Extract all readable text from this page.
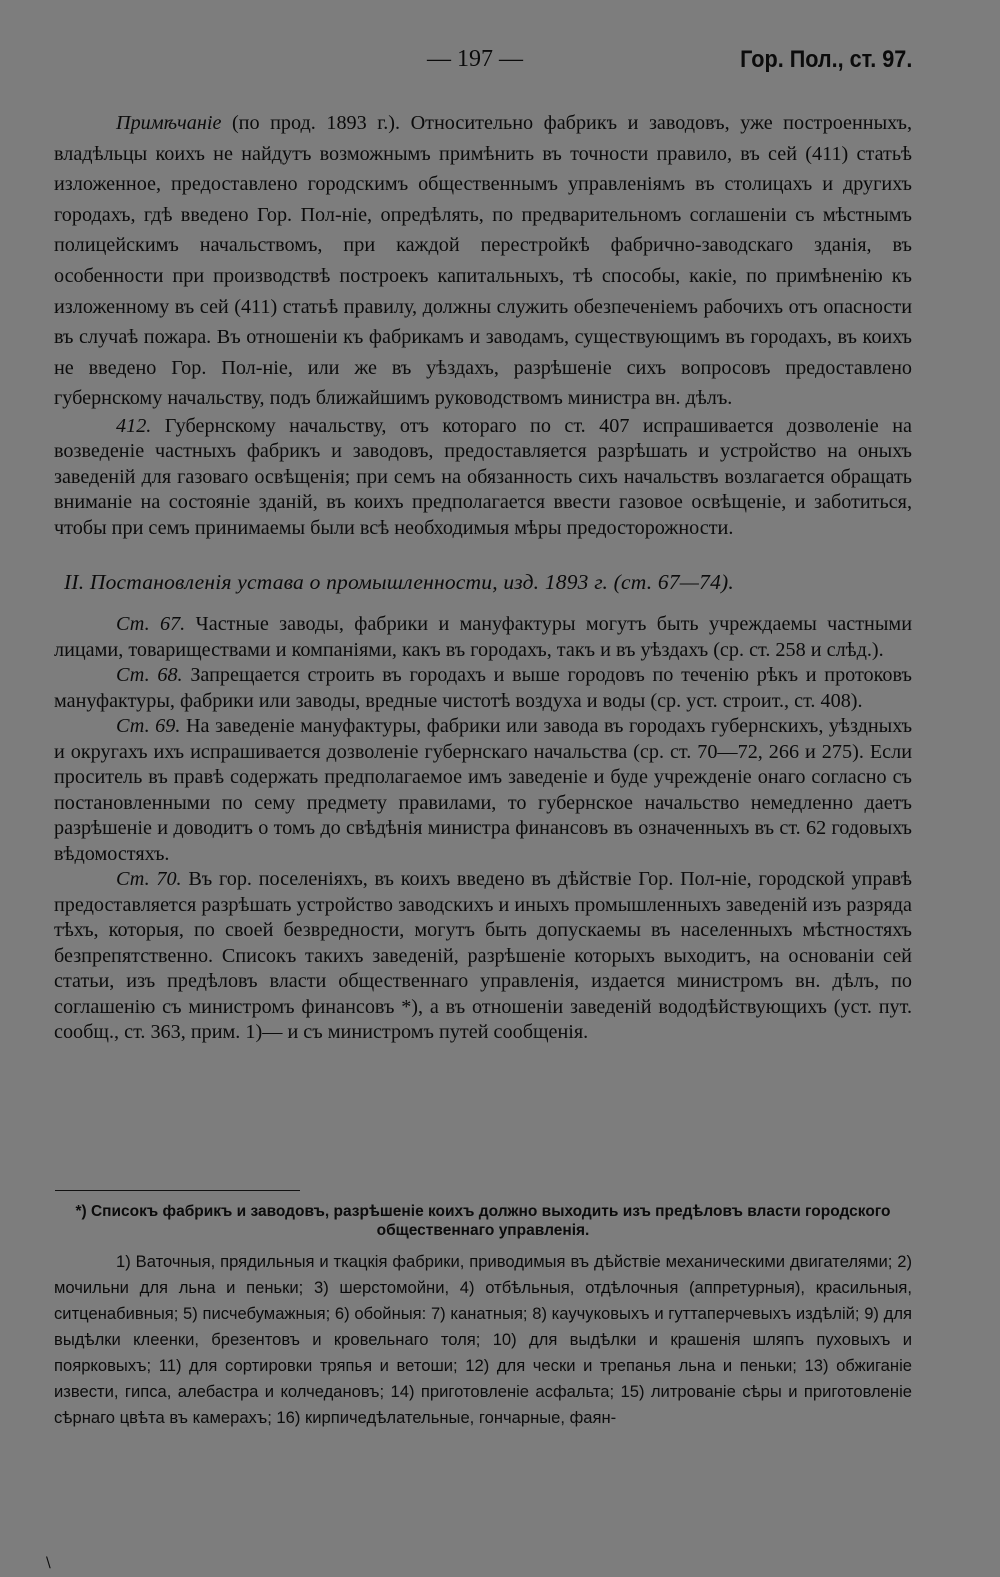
— 197 —	Гор. Пол., ст. 97.

Примѣчаніе (по прод. 1893 г.). Относительно фабрикъ и заводовъ, уже построенныхъ, владѣльцы коихъ не найдутъ возможнымъ примѣнить въ точности правило, въ сей (411) статьѣ изложенное, предоставлено городскимъ общественнымъ управленіямъ въ столицахъ и другихъ городахъ, гдѣ введено Гор. Пол-ніе, опредѣлять, по предварительномъ соглашеніи съ мѣстнымъ полицейскимъ начальствомъ, при каждой перестройкѣ фабрично-заводскаго зданія, въ особенности при производствѣ построекъ капитальныхъ, тѣ способы, какіе, по примѣненію къ изложенному въ сей (411) статьѣ правилу, должны служить обезпеченіемъ рабочихъ отъ опасности въ случаѣ пожара. Въ отношеніи къ фабрикамъ и заводамъ, существующимъ въ городахъ, въ коихъ не введено Гор. Пол-ніе, или же въ уѣздахъ, разрѣшеніе сихъ вопросовъ предоставлено губернскому начальству, подъ ближайшимъ руководствомъ министра вн. дѣлъ.

412. Губернскому начальству, отъ котораго по ст. 407 испрашивается дозволеніе на возведеніе частныхъ фабрикъ и заводовъ, предоставляется разрѣшать и устройство на оныхъ заведеній для газоваго освѣщенія; при семъ на обязанность сихъ начальствъ возлагается обращать вниманіе на состояніе зданій, въ коихъ предполагается ввести газовое освѣщеніе, и заботиться, чтобы при семъ принимаемы были всѣ необходимыя мѣры предосторожности.

II. Постановленія устава о промышленности, изд. 1893 г. (ст. 67—74).

Ст. 67. Частные заводы, фабрики и мануфактуры могутъ быть учреждаемы частными лицами, товариществами и компаніями, какъ въ городахъ, такъ и въ уѣздахъ (ср. ст. 258 и слѣд.).

Ст. 68. Запрещается строить въ городахъ и выше городовъ по теченію рѣкъ и протоковъ мануфактуры, фабрики или заводы, вредные чистотѣ воздуха и воды (ср. уст. строит., ст. 408).

Ст. 69. На заведеніе мануфактуры, фабрики или завода въ городахъ губернскихъ, уѣздныхъ и округахъ ихъ испрашивается дозволеніе губернскаго начальства (ср. ст. 70—72, 266 и 275). Если проситель въ правѣ содержать предполагаемое имъ заведеніе и буде учрежденіе онаго согласно съ постановленными по сему предмету правилами, то губернское начальство немедленно даетъ разрѣшеніе и доводитъ о томъ до свѣдѣнія министра финансовъ въ означенныхъ въ ст. 62 годовыхъ вѣдомостяхъ.

Ст. 70. Въ гор. поселеніяхъ, въ коихъ введено въ дѣйствіе Гор. Пол-ніе, городской управѣ предоставляется разрѣшать устройство заводскихъ и иныхъ промышленныхъ заведеній изъ разряда тѣхъ, которыя, по своей безвредности, могутъ быть допускаемы въ населенныхъ мѣстностяхъ безпрепятственно. Списокъ такихъ заведеній, разрѣшеніе которыхъ выходитъ, на основаніи сей статьи, изъ предѣловъ власти общественнаго управленія, издается министромъ вн. дѣлъ, по соглашенію съ министромъ финансовъ *), а въ отношеніи заведеній вододѣйствующихъ (уст. пут. сообщ., ст. 363, прим. 1)— и съ министромъ путей сообщенія.

*) Списокъ фабрикъ и заводовъ, разрѣшеніе коихъ должно выходить изъ предѣловъ власти городского общественнаго управленія.

1) Ваточныя, прядильныя и ткацкія фабрики, приводимыя въ дѣйствіе механическими двигателями; 2) мочильни для льна и пеньки; 3) шерстомойни, 4) отбѣльныя, отдѣлочныя (аппретурныя), красильныя, ситценабивныя; 5) писчебумажныя; 6) обойныя: 7) канатныя; 8) каучуковыхъ и гуттаперчевыхъ издѣлій; 9) для выдѣлки клеенки, брезентовъ и кровельнаго толя; 10) для выдѣлки и крашенія шляпъ пуховыхъ и поярковыхъ; 11) для сортировки тряпья и ветоши; 12) для чески и трепанья льна и пеньки; 13) обжиганіе извести, гипса, алебастра и колчедановъ; 14) приготовленіе асфальта; 15) литрованіе сѣры и приготовленіе сѣрнаго цвѣта въ камерахъ; 16) кирпичедѣлательные, гончарные, фаян-

\
